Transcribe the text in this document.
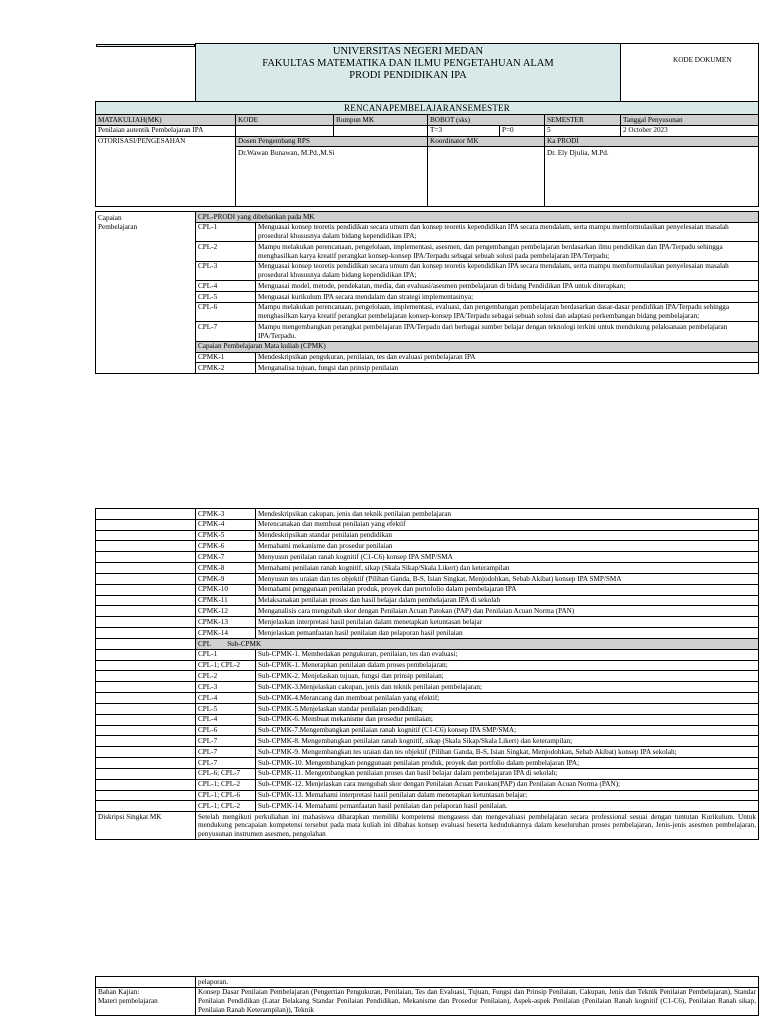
	UNIVERSITAS NEGERI MEDAN
FAKULTAS MATEMATIKA DAN ILMU PENGETAHUAN ALAM
PRODI PENDIDIKAN IPA						KODE DOKUMEN
RENCANAPEMBELAJARANSEMESTER							
MATAKULIAH(MK)		KODE	Rumpun MK	BOBOT (sks)		SEMESTER	Tanggal Penyusunan
Penilaian autentik Pembelajaran IPA				T=3	P=0	5	2 October 2023
OTORISASI/PENGESAHAN		Dosen Pengembang RPS		Koordinator MK		Ka PRODI	
		Dr.Wawan Bunawan, M.Pd.,M.Si				Dr. Ely Djulia, M.Pd.	
Capaian
Pembelajaran	CPL-PRODI yang dibebankan pada MK	
	CPL-1	Menguasai konsep teoretis pendidikan secara umum dan konsep teoretis kependidikan IPA secara mendalam, serta mampu memformulasikan penyelesaian masalah prosedural khususnya dalam bidang kependidikan IPA;
	CPL-2	Mampu melakukan perencanaan, pengelolaan, implementasi, asesmen, dan pengembangan pembelajaran berdasarkan ilmu pendidikan dan IPA/Terpadu sehingga menghasilkan karya kreatif perangkat konsep-konsep IPA/Terpadu sebagai sebuah solusi pada pembelajaran IPA/Terpadu;
	CPL-3	Menguasai konsep teoretis pendidikan secara umum dan konsep teoretis kependidikan IPA secara mendalam, serta mampu memformulasikan penyelesaian masalah prosedural khususnya dalam bidang kependidikan IPA;
	CPL-4	Menguasai model, metode, pendekatan, media, dan evaluasi/asesmen pembelajaran di bidang Pendidikan IPA untuk diterapkan;
	CPL-5	Menguasai kurikulum IPA secara mendalam dan strategi implementasinya;
	CPL-6	Mampu melakukan perencanaan, pengelolaan, implementasi, evaluasi, dan pengembangan pembelajaran berdasarkan dasar-dasar pendidikan IPA/Terpadu sehingga menghasilkan karya kreatif perangkat pembelajaran konsep-konsep IPA/Terpadu sebagai sebuah solusi dan adaptasi perkembangan bidang pembelajaran;
	CPL-7	Mampu mengembangkan perangkat pembelajaran IPA/Terpadu dari berbagai sumber belajar dengan teknologi terkini untuk mendukung pelaksanaan pembelajaran IPA/Terpadu.
	Capaian Pembelajaran Mata kuliah (CPMK)	
	CPMK-1	Mendeskripsikan pengukuran, penilaian, tes dan evaluasi pembelajaran IPA
	CPMK-2	Menganalisa tujuan, fungsi dan prinsip penilaian
	CPMK-3	Mendeskripsikan cakupan, jenis dan teknik penilaian pembelajaran
	CPMK-4	Merencanakan dan membuat penilaian yang efektif
	CPMK-5	Mendeskripsikan standar penilaian pendidikan
	CPMK-6	Memahami mekanisme dan prosedur penilaian
	CPMK-7	Menyusun penilaian ranah kognitif (C1-C6) konsep IPA SMP/SMA
	CPMK-8	Memahami penilaian ranah kognitif, sikap (Skala Sikap/Skala Likert) dan keterampilan
	CPMK-9	Menyusun tes uraian dan tes objektif (Pilihan Ganda, B-S, Isian Singkat, Menjodohkan, Sebab Akibat) konsep IPA SMP/SMA
	CPMK-10	Memahami penggunaan penilaian produk, proyek dan portofolio dalam pembelajaran IPA
	CPMK-11	Melaksanakan penilaian proses dan hasil belajar dalam pembelajaran IPA di sekolah
	CPMK-12	Menganalisis cara mengubah skor dengan Penilaian Acuan Patokan (PAP) dan Penilaian Acuan Norma (PAN)
	CPMK-13	Menjelaskan interpretasi hasil penilaian dalam menetapkan ketuntasan belajar
	CPMK-14	Menjelaskan pemanfaatan hasil penilaian dan pelaporan hasil penilaian
	CPL Sub-CPMK	
	CPL-1	Sub-CPMK-1. Membedakan pengukuran, penilaian, tes dan evaluasi;
	CPL-1; CPL-2	Sub-CPMK-1. Menerapkan penilaian dalam proses pembelajaran;
	CPL-2	Sub-CPMK-2. Menjelaskan tujuan, fungsi dan prinsip penilaian;
	CPL-3	Sub-CPMK-3.Menjelaskan cakupan, jenis dan teknik penilaian pembelajaran;
	CPL-4	Sub-CPMK-4.Merancang dan membuat penilaian yang efektif;
	CPL-5	Sub-CPMK-5.Menjelaskan standar penilaian pendidikan;
	CPL-4	Sub-CPMK-6. Membuat mekanisme dan prosedur penilaian;
	CPL-6	Sub-CPMK-7.Mengembangkan penilaian ranah kognitif (C1-C6) konsep IPA SMP/SMA;
	CPL-7	Sub-CPMK-8. Mengembangkan penilaian ranah kognitif, sikap (Skala Sikap/Skala Likert) dan keterampilan;
	CPL-7	Sub-CPMK-9. Mengembangkan tes uraian dan tes objektif (Pilihan Ganda, B-S, Isian Singkat, Menjodohkan, Sebab Akibat) konsep IPA sekolah;
	CPL-7	Sub-CPMK-10. Mengembangkan penggunaan penilaian produk, proyek dan portfolio dalam pembelajaran IPA;
	CPL-6; CPL-7	Sub-CPMK-11. Mengembangkan penilaian proses dan hasil belajar dalam pembelajaran IPA di sekolah;
	CPL-1; CPL-2	Sub-CPMK-12. Menjelaskan cara mengubah skor dengan Penilaian Acuan Patokan(PAP) dan Penilaian Acuan Norma (PAN);
	CPL-1; CPL-6	Sub-CPMK-13. Memahami interpretasi hasil penilaian dalam menetapkan ketuntasan belajar;
	CPL-1; CPL-2	Sub-CPMK-14. Memahami pemanfaatan hasil penilaian dan pelaporan hasil penilaian.
Diskripsi Singkat MK	Setelah mengikuti perkuliahan ini mahasiswa diharapkan memiliki kompetensi mengasess dan mengevaluasi pembelajaran secara professional sesuai dengan tuntutan Kurikulum. Untuk mendukung pencapaian kompetensi tersebut pada mata kuliah ini dibahas konsep evaluasi beserta kedudukannya dalam keseluruhan proses pembelajaran, Jenis-jenis asesmen pembelajaran, penyusunan instrumen asesmen, pengolahan	
	pelaporan.

Bahan Kajian:
Materi pembelajaran	Konsep Dasar Penilaian Pembelajaran (Pengertian Pengukuran, Penilaian, Tes dan Evaluasi, Tujuan, Fungsi dan Prinsip Penilaian, Cakupan, Jenis dan Teknik Penilaian Pembelajaran), Standar Penilaian Pendidikan (Latar Belakang Standar Penilaian Pendidikan, Mekanisme dan Prosedur Penilaian), Aspek-aspek Penilaian (Penilaian Ranah kognitif (C1-C6), Penilaian Ranah sikap, Penilaian Ranah Keterampilan)), Teknik
